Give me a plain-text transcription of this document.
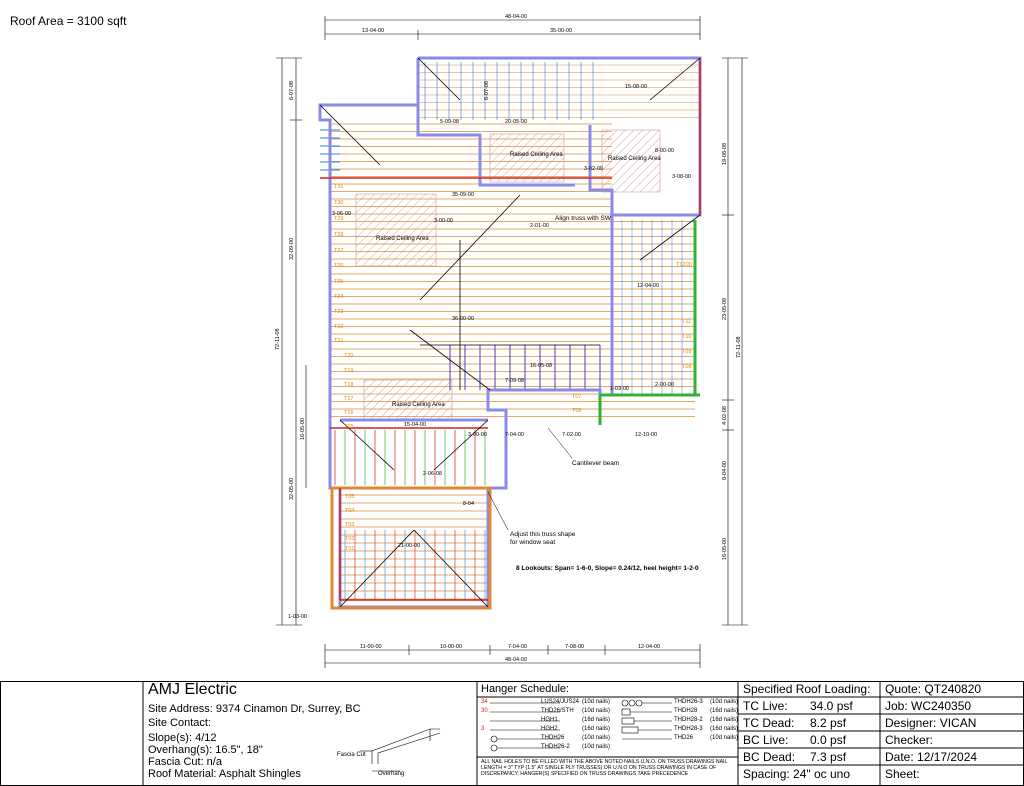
Roof Area = 3100 sqft	48-04-00
13-04-00	35-00-00
11-00-00	10-00-00	7-04-00	7-08-00	12-04-00
48-04-00
6-07-08
32-09-00
72-11-08
16-05-00
32-05-00
1-03-00
19-08-08
23-05-08
72-11-08
4-02-08
8-04-00
16-05-00
T12(3)
T11
T10
T09
T08
T07
T06
T31
T30
T29
T28
T27
T26
T25
T24
T23
T22
T21
T20
T19
T18
T17
T16
T15
T05
T04
T03
T02
T01
15-08-00
5-09-08	20-05-00
6-07-08
3-02-00
8-00-00
3-08-00
35-09-00
3-06-00
3-00-00
2-01-00
12-04-00
36-00-00
7-09-08
16-05-08
1-03-00
2-00-00
7-04-00	7-02-00	12-10-00
3-00-00
15-04-00
2-06-08
21-00-00
8-04
Raised Ceiling Area
Raised Ceiling Area
Raised Ceiling Area
Raised Ceiling Area
Align truss with SW
Cantilever beam
Adjust this truss shape
for window seat
8 Lookouts: Span= 1-6-0, Slope= 0.24/12, heel height= 1-2-0
AMJ Electric
Site Address: 9374 Cinamon Dr, Surrey, BC
Site Contact:
Slope(s): 4/12
Overhang(s): 16.5", 18"
Fascia Cut: n/a
Roof Material: Asphalt Shingles
Fascia Cut
Overhang
Hanger Schedule:
34	LUS24/JUS24 (10d nails)	THDH26-3 (10d nails)
30	THD26/STH (10d nails)	THDH28 (16d nails)
HGH1	(16d nails)	THDH28-2 (16d nails)
3	HGH2	(16d nails)	THDH28-3 (16d nails)
THDH26	(10d nails)	THD26	(10d nails)
THDH26-2 (10d nails)
ALL NAIL HOLES TO BE FILLED WITH THE ABOVE NOTED NAILS U.N.O. ON TRUSS DRAWINGS NAIL LENGTH = 3" TYP (1.5" AT SINGLE PLY TRUSSES) OR U.N.O ON TRUSS DRAWINGS IN CASE OF DISCREPANCY, HANGER(S) SPECIFIED ON TRUSS DRAWINGS TAKE PRECEDENCE
Specified Roof Loading:
TC Live: 34.0 psf
TC Dead: 8.2 psf
BC Live: 0.0 psf
BC Dead: 7.3 psf
Spacing: 24" oc uno
Quote: QT240820
Job: WC240350
Designer: VICAN
Checker:
Date: 12/17/2024
Sheet:
